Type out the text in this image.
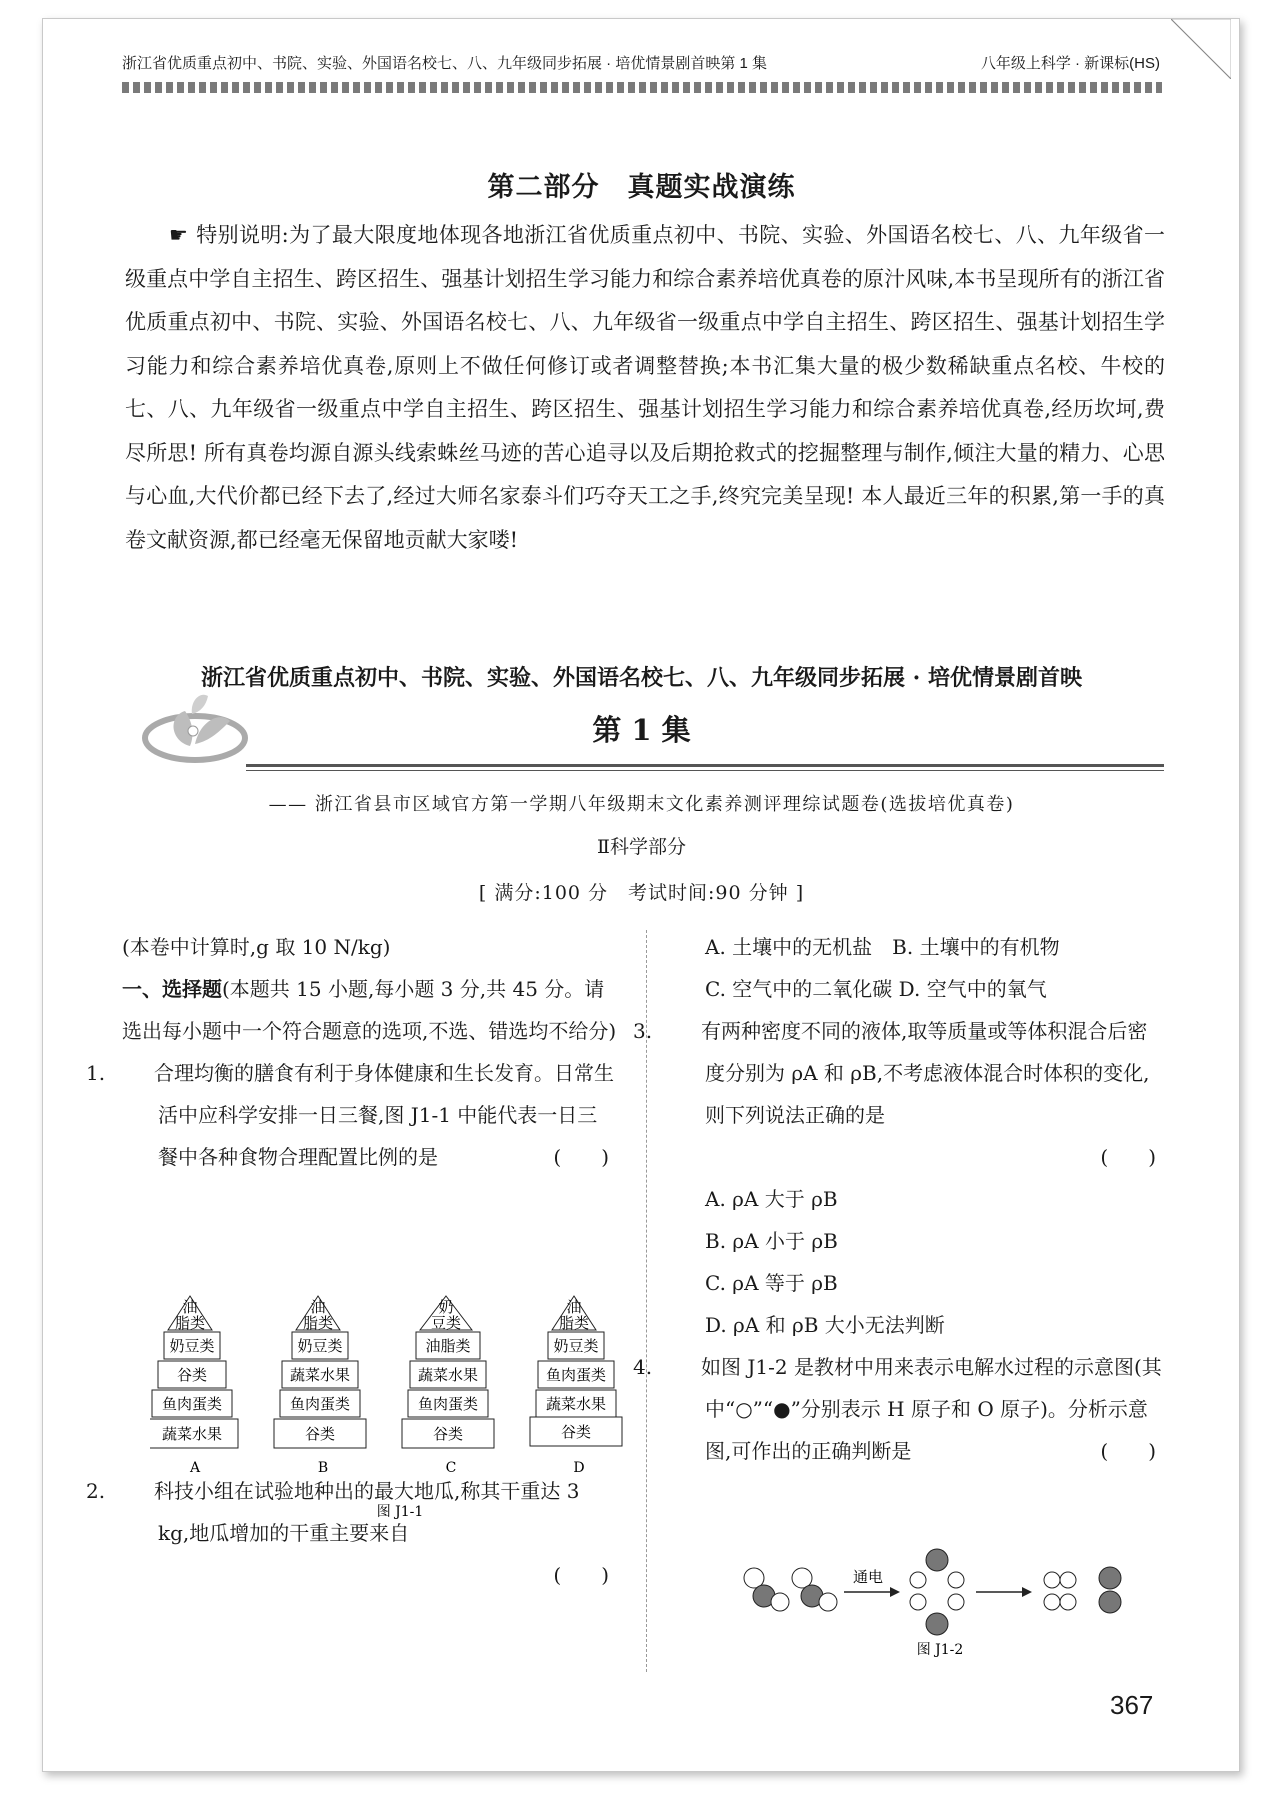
浙江省优质重点初中、书院、实验、外国语名校七、八、九年级同步拓展 · 培优情景剧首映第 1 集	八年级上科学 · 新课标(HS)
第二部分　真题实战演练
☛ 特别说明:为了最大限度地体现各地浙江省优质重点初中、书院、实验、外国语名校七、八、九年级省一级重点中学自主招生、跨区招生、强基计划招生学习能力和综合素养培优真卷的原汁风味,本书呈现所有的浙江省优质重点初中、书院、实验、外国语名校七、八、九年级省一级重点中学自主招生、跨区招生、强基计划招生学习能力和综合素养培优真卷,原则上不做任何修订或者调整替换;本书汇集大量的极少数稀缺重点名校、牛校的七、八、九年级省一级重点中学自主招生、跨区招生、强基计划招生学习能力和综合素养培优真卷,经历坎坷,费尽所思! 所有真卷均源自源头线索蛛丝马迹的苦心追寻以及后期抢救式的挖掘整理与制作,倾注大量的精力、心思与心血,大代价都已经下去了,经过大师名家泰斗们巧夺天工之手,终究完美呈现! 本人最近三年的积累,第一手的真卷文献资源,都已经毫无保留地贡献大家喽!
浙江省优质重点初中、书院、实验、外国语名校七、八、九年级同步拓展 · 培优情景剧首映
第 1 集
—— 浙江省县市区域官方第一学期八年级期末文化素养测评理综试题卷(选拔培优真卷)
Ⅱ科学部分
[ 满分:100 分　考试时间:90 分钟 ]

(本卷中计算时,g 取 10 N/kg)

一、选择题(本题共 15 小题,每小题 3 分,共 45 分。请选出每小题中一个符合题意的选项,不选、错选均不给分)

1. 合理均衡的膳食有利于身体健康和生长发育。日常生活中应科学安排一日三餐,图 J1-1 中能代表一日三餐中各种食物合理配置比例的是	(　　)

2. 科技小组在试验地种出的最大地瓜,称其干重达 3 kg,地瓜增加的干重主要来自

(　　)

油
脂类
奶豆类
谷类
鱼肉蛋类
蔬菜水果
A
油
脂类
奶豆类
蔬菜水果
鱼肉蛋类
谷类
B
奶
豆类
油脂类
蔬菜水果
鱼肉蛋类
谷类
C
油
脂类
奶豆类
鱼肉蛋类
蔬菜水果
谷类
D
图 J1-1

A. 土壤中的无机盐　 B. 土壤中的有机物

C. 空气中的二氧化碳 D. 空气中的氧气

3. 有两种密度不同的液体,取等质量或等体积混合后密度分别为 ρA 和 ρB,不考虑液体混合时体积的变化,则下列说法正确的是

(　　)

A. ρA 大于 ρB

B. ρA 小于 ρB

C. ρA 等于 ρB

D. ρA 和 ρB 大小无法判断

4. 如图 J1-2 是教材中用来表示电解水过程的示意图(其中“○”“●”分别表示 H 原子和 O 原子)。分析示意图,可作出的正确判断是	(　　)

通电
图 J1-2
367
